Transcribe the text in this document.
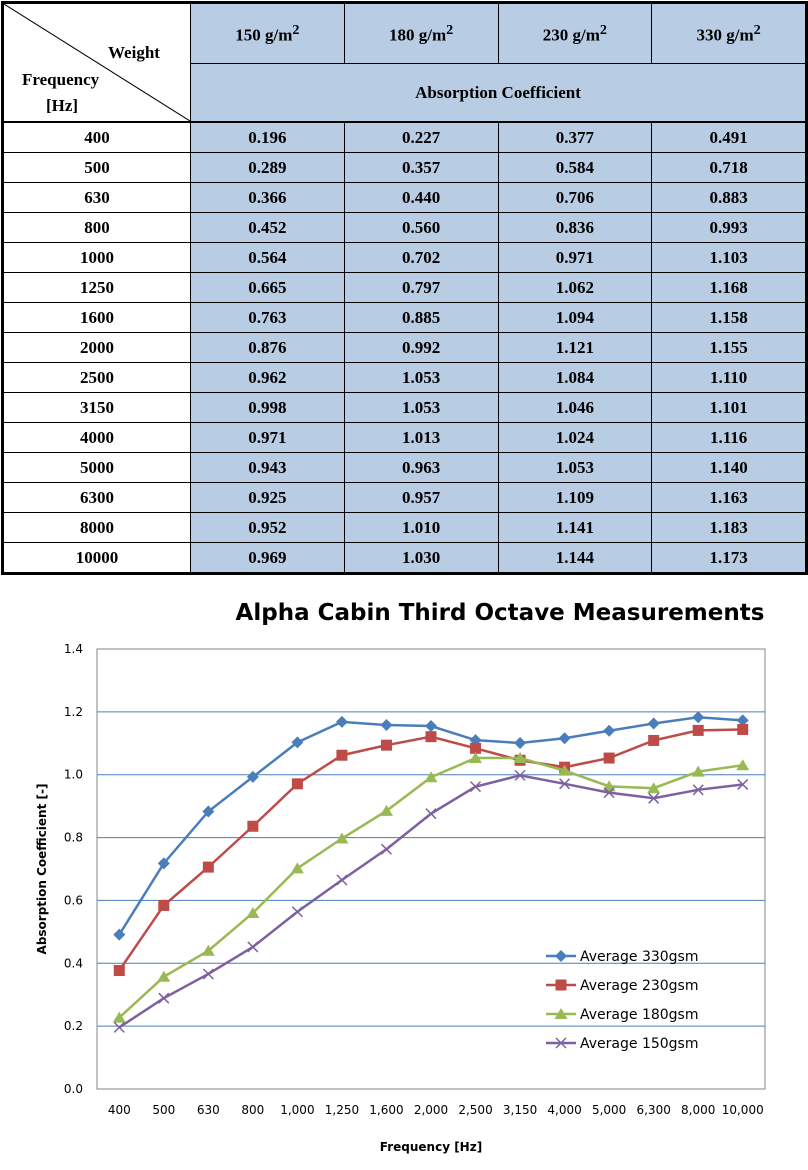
Weight
Frequency
[Hz]	150 $g/m^2$	180 $g/m^2$	230 $g/m^2$	330 $g/m^2$
	Absorption Coefficient			
400	0.196	0.227	0.377	0.491
500	0.289	0.357	0.584	0.718
630	0.366	0.440	0.706	0.883
800	0.452	0.560	0.836	0.993
1000	0.564	0.702	0.971	1.103
1250	0.665	0.797	1.062	1.168
1600	0.763	0.885	1.094	1.158
2000	0.876	0.992	1.121	1.155
2500	0.962	1.053	1.084	1.110
3150	0.998	1.053	1.046	1.101
4000	0.971	1.013	1.024	1.116
5000	0.943	0.963	1.053	1.140
6300	0.925	0.957	1.109	1.163
8000	0.952	1.010	1.141	1.183
10000	0.969	1.030	1.144	1.173
Alpha Cabin Third Octave Measurements
0.0
0.2
0.4
0.6
0.8
1.0
1.2
1.4
400 500 630 800 1,000 1,250 1,600 2,000 2,500 3,150 4,000 5,000 6,300 8,000 10,000
Frequency [Hz]
Absorption Coefficient [-]
Average 330gsm
Average 230gsm
Average 180gsm
Average 150gsm
